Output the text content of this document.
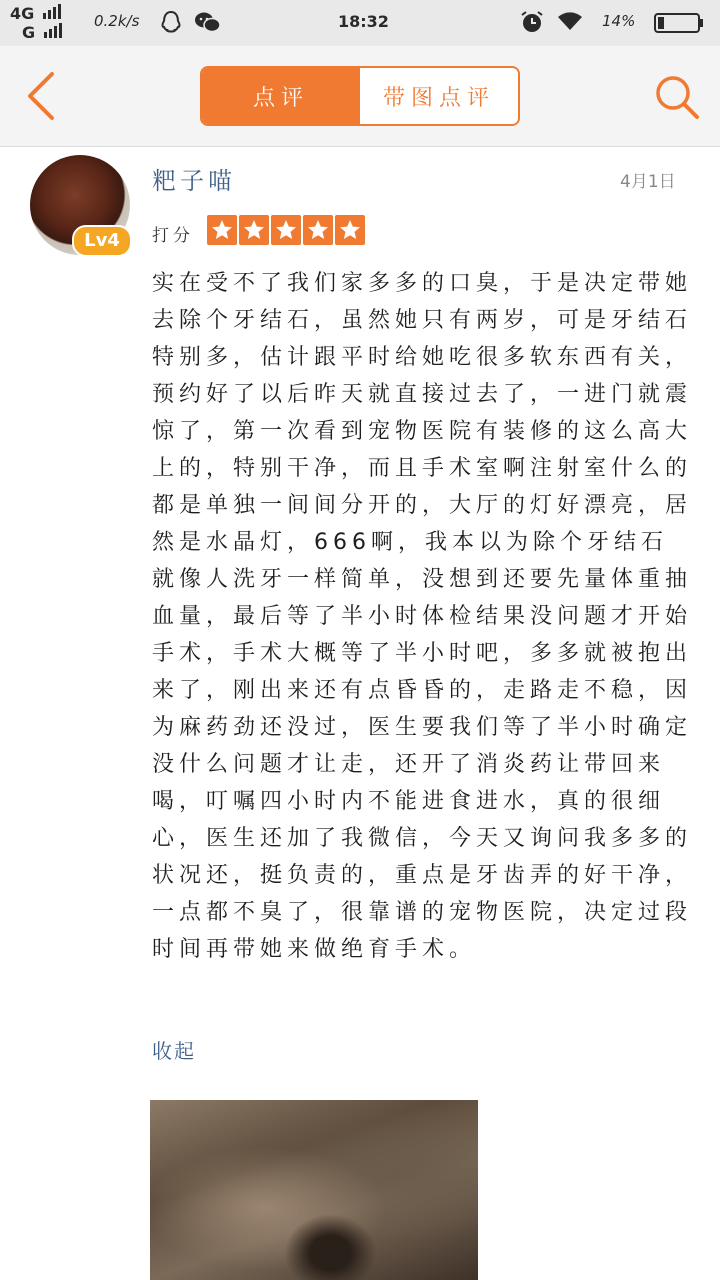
4G
G
0.2k/s	18:32	14%
点评	带图点评
Lv4
粑子喵	4月1日
打分

实在受不了我们家多多的口臭，于是决定带她去除个牙结石，虽然她只有两岁，可是牙结石特别多，估计跟平时给她吃很多软东西有关，预约好了以后昨天就直接过去了，一进门就震惊了，第一次看到宠物医院有装修的这么高大上的，特别干净，而且手术室啊注射室什么的都是单独一间间分开的，大厅的灯好漂亮，居然是水晶灯，666啊，我本以为除个牙结石就像人洗牙一样简单，没想到还要先量体重抽血量，最后等了半小时体检结果没问题才开始手术，手术大概等了半小时吧，多多就被抱出来了，刚出来还有点昏昏的，走路走不稳，因为麻药劲还没过，医生要我们等了半小时确定没什么问题才让走，还开了消炎药让带回来喝，叮嘱四小时内不能进食进水，真的很细心，医生还加了我微信，今天又询问我多多的状况还，挺负责的，重点是牙齿弄的好干净，一点都不臭了，很靠谱的宠物医院，决定过段时间再带她来做绝育手术。

收起
